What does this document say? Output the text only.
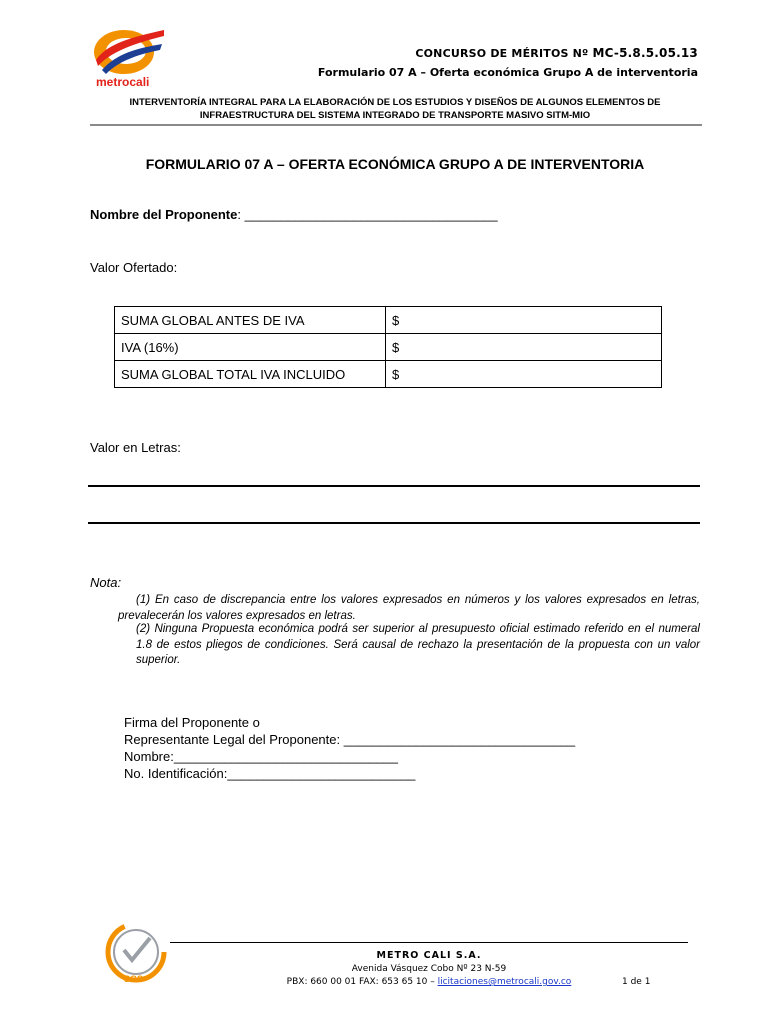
metrocali
CONCURSO DE MÉRITOS Nº MC-5.8.5.05.13
Formulario 07 A – Oferta económica Grupo A de interventoria
INTERVENTORÍA INTEGRAL PARA LA ELABORACIÓN DE LOS ESTUDIOS Y DISEÑOS DE ALGUNOS ELEMENTOS DE
INFRAESTRUCTURA DEL SISTEMA INTEGRADO DE TRANSPORTE MASIVO SITM-MIO
FORMULARIO 07 A – OFERTA ECONÓMICA GRUPO A DE INTERVENTORIA
Nombre del Proponente: ___________________________________
Valor Ofertado:
SUMA GLOBAL ANTES DE IVA	$
IVA (16%)	$
SUMA GLOBAL TOTAL IVA INCLUIDO	$
Valor en Letras:
Nota:
(1) En caso de discrepancia entre los valores expresados en números y los valores expresados en letras, prevalecerán los valores expresados en letras.
(2) Ninguna Propuesta económica podrá ser superior al presupuesto oficial estimado referido en el numeral 1.8 de estos pliegos de condiciones. Será causal de rechazo la presentación de la propuesta con un valor superior.
Firma del Proponente o
Representante Legal del Proponente: ________________________________
Nombre:_______________________________
No. Identificación:__________________________
SGS
METRO CALI S.A.
Avenida Vásquez Cobo Nº 23 N-59
PBX: 660 00 01 FAX: 653 65 10 – licitaciones@metrocali.gov.co	1 de 1
